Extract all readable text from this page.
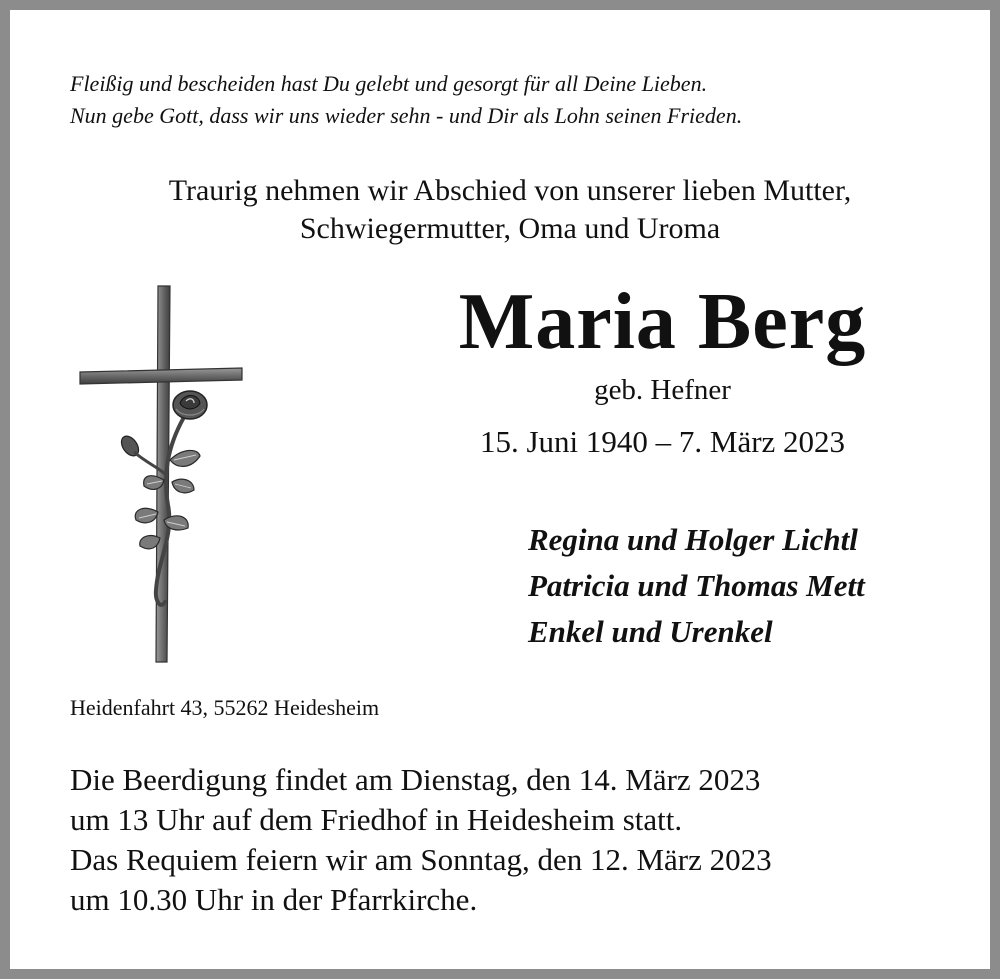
Fleißig und bescheiden hast Du gelebt und gesorgt für all Deine Lieben.
Nun gebe Gott, dass wir uns wieder sehn - und Dir als Lohn seinen Frieden.
Traurig nehmen wir Abschied von unserer lieben Mutter,
Schwiegermutter, Oma und Uroma
Maria Berg
geb. Hefner
15. Juni 1940 – 7. März 2023
Regina und Holger Lichtl
Patricia und Thomas Mett
Enkel und Urenkel
Heidenfahrt 43, 55262 Heidesheim
Die Beerdigung findet am Dienstag, den 14. März 2023
um 13 Uhr auf dem Friedhof in Heidesheim statt.
Das Requiem feiern wir am Sonntag, den 12. März 2023
um 10.30 Uhr in der Pfarrkirche.
